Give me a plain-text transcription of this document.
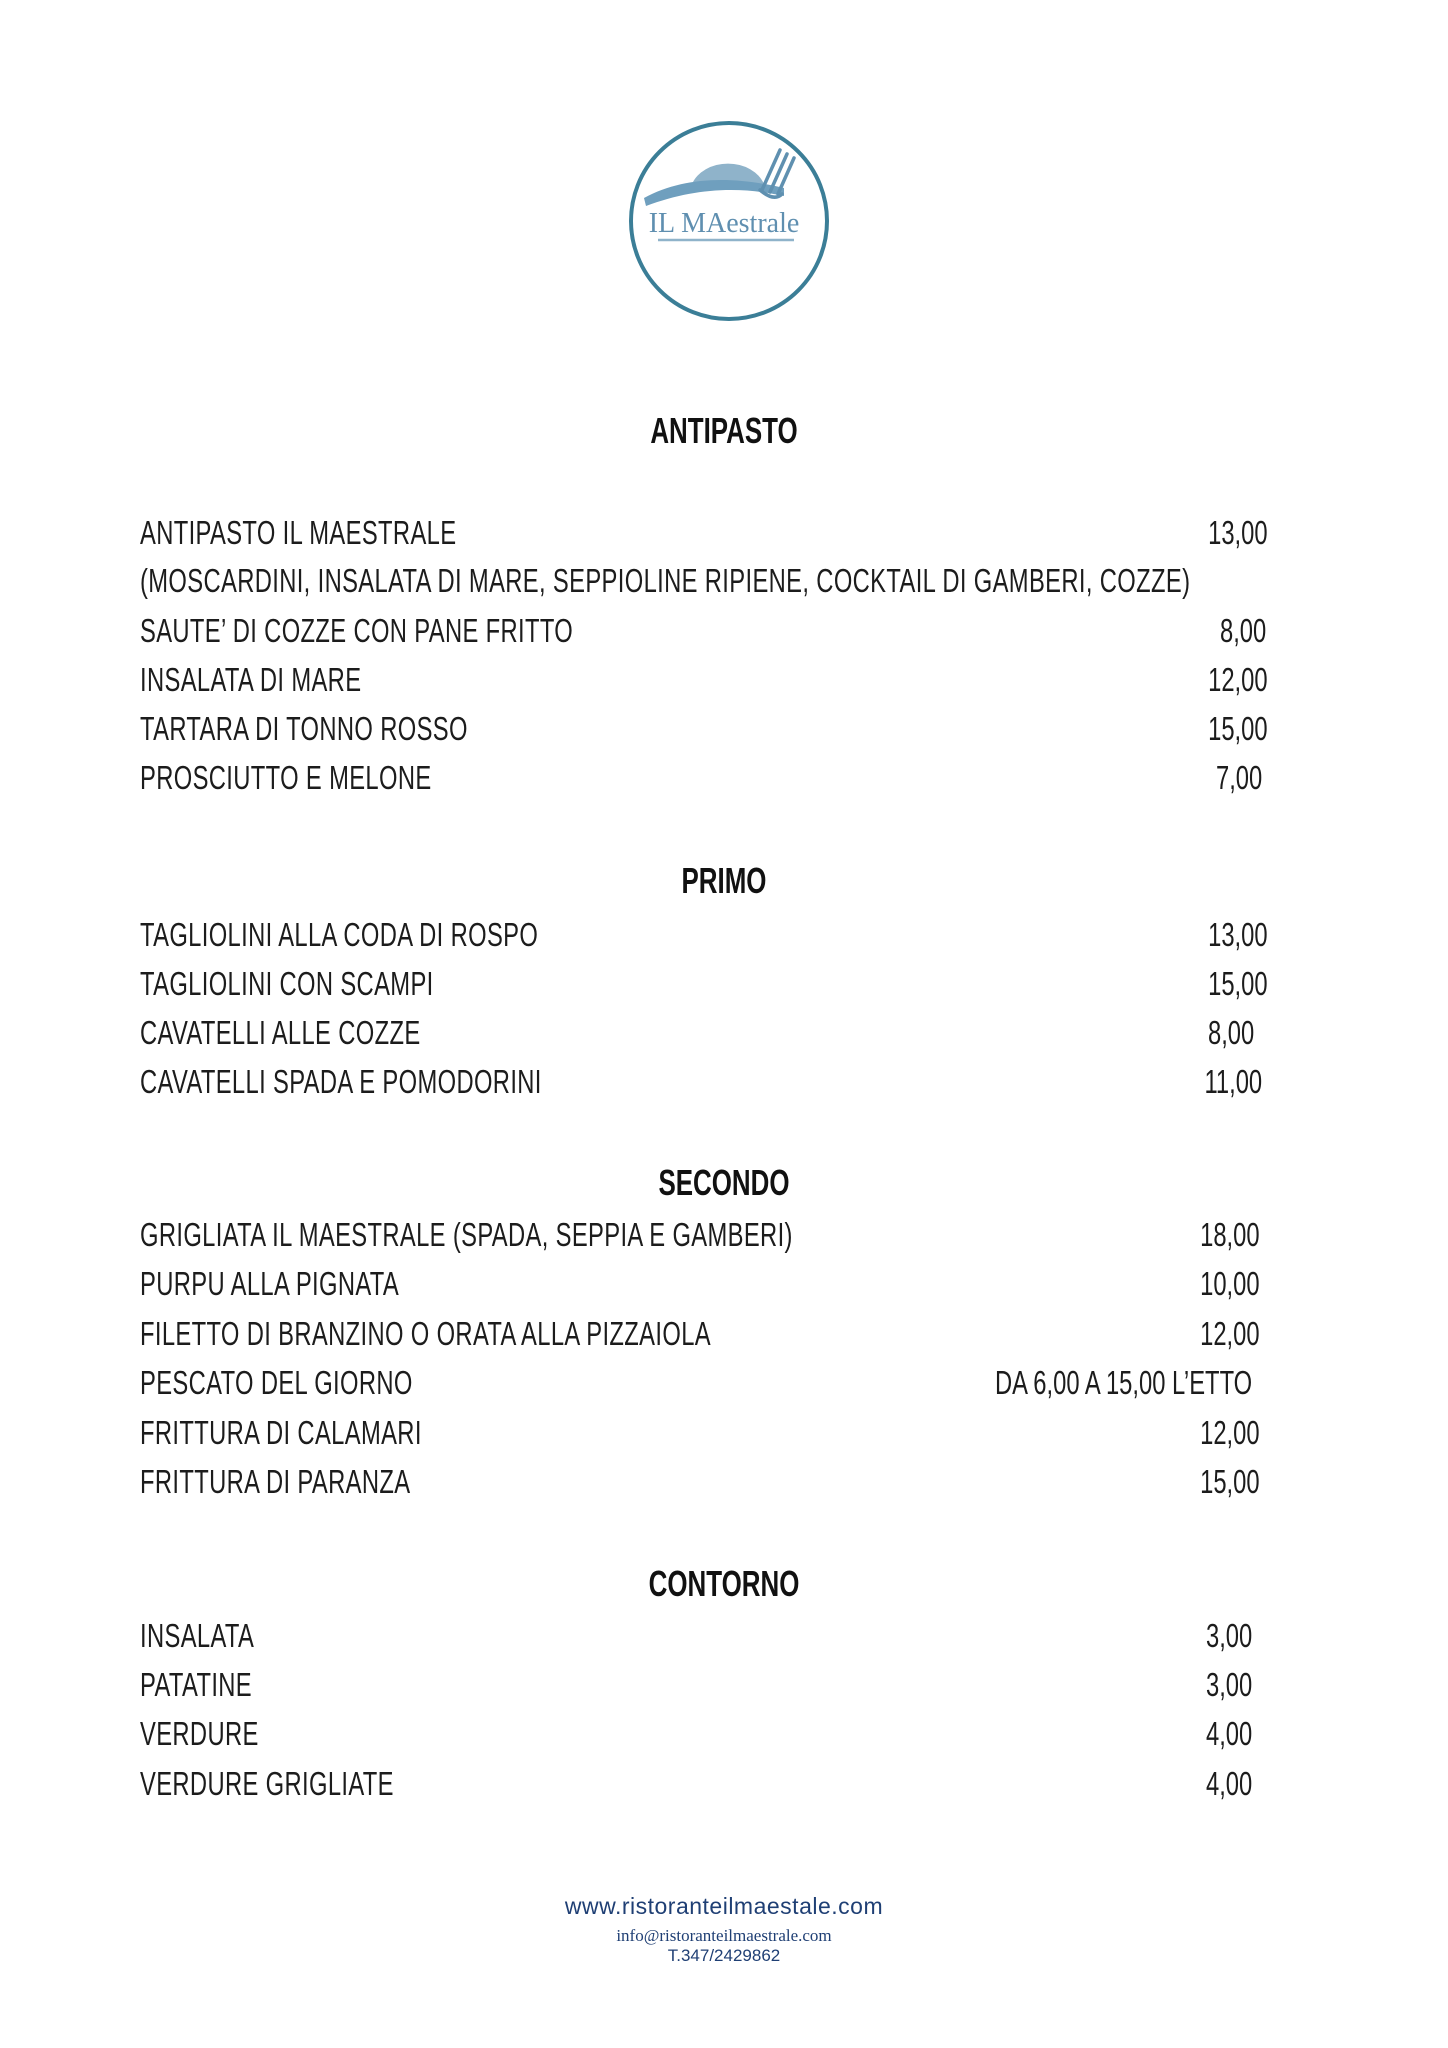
IL MAestrale
ANTIPASTO
ANTIPASTO IL MAESTRALE	13,00
(MOSCARDINI, INSALATA DI MARE, SEPPIOLINE RIPIENE, COCKTAIL DI GAMBERI, COZZE)
SAUTE’ DI COZZE CON PANE FRITTO	8,00
INSALATA DI MARE	12,00
TARTARA DI TONNO ROSSO	15,00
PROSCIUTTO E MELONE	7,00
PRIMO
TAGLIOLINI ALLA CODA DI ROSPO	13,00
TAGLIOLINI CON SCAMPI	15,00
CAVATELLI ALLE COZZE	8,00
CAVATELLI SPADA E POMODORINI	11,00
SECONDO
GRIGLIATA IL MAESTRALE (SPADA, SEPPIA E GAMBERI)	18,00
PURPU ALLA PIGNATA	10,00
FILETTO DI BRANZINO O ORATA ALLA PIZZAIOLA	12,00
PESCATO DEL GIORNO	DA 6,00 A 15,00 L’ETTO
FRITTURA DI CALAMARI	12,00
FRITTURA DI PARANZA	15,00
CONTORNO
INSALATA	3,00
PATATINE	3,00
VERDURE	4,00
VERDURE GRIGLIATE	4,00
www.ristoranteilmaestale.com
info@ristoranteilmaestrale.com
T.347/2429862
